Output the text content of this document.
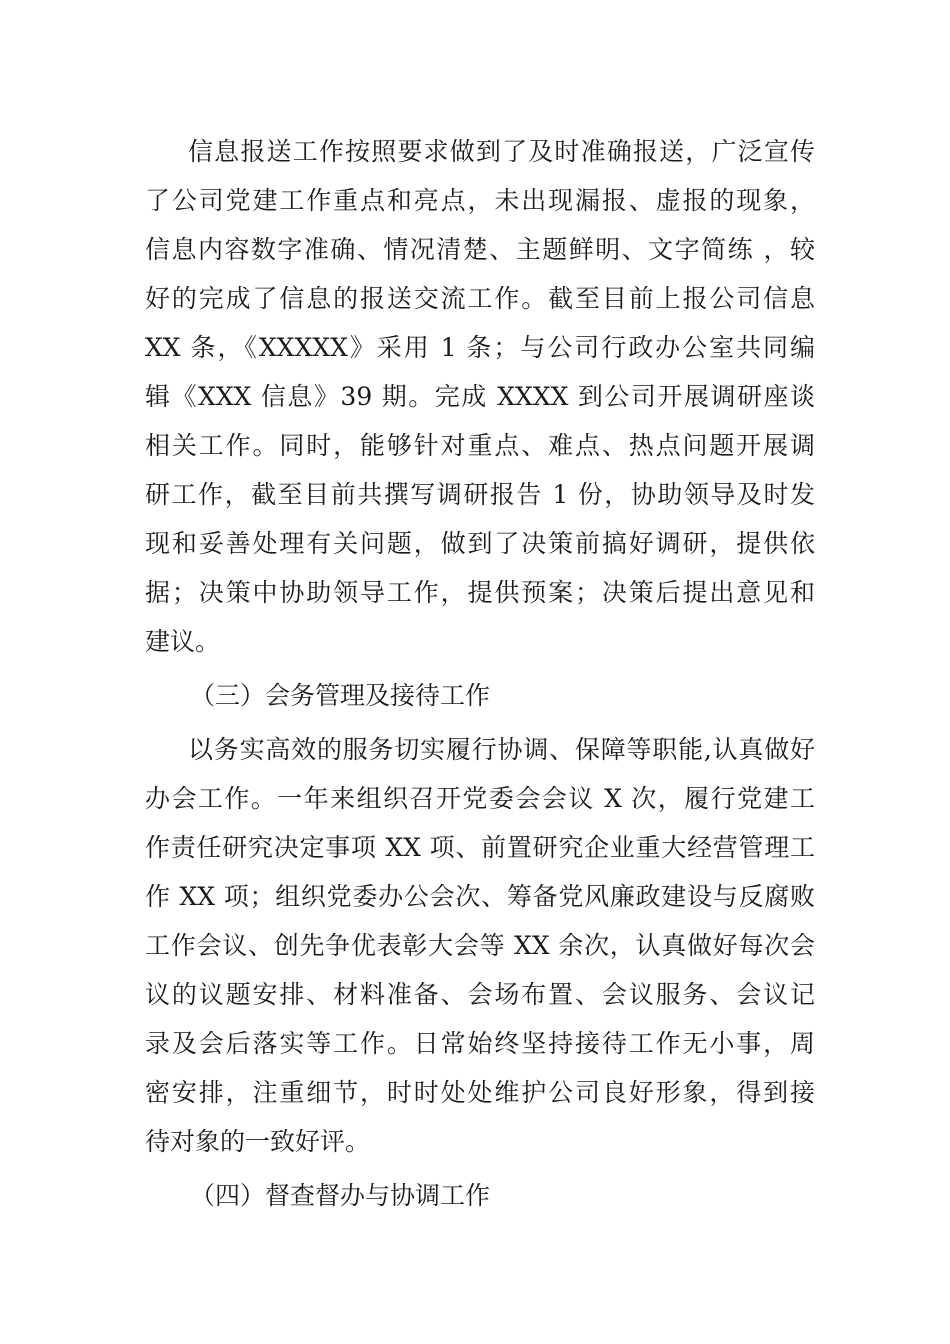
信息报送工作按照要求做到了及时准确报送，广泛宣传
了公司党建工作重点和亮点，未出现漏报、虚报的现象，
信息内容数字准确、情况清楚、主题鲜明、文字简练 ，较
好的完成了信息的报送交流工作。截至目前上报公司信息
XX 条，《XXXXX》采用 1 条；与公司行政办公室共同编
辑《XXX 信息》39 期。完成 XXXX 到公司开展调研座谈
相关工作。同时，能够针对重点、难点、热点问题开展调
研工作，截至目前共撰写调研报告 1 份，协助领导及时发
现和妥善处理有关问题，做到了决策前搞好调研，提供依
据；决策中协助领导工作，提供预案；决策后提出意见和
建议。
（三）会务管理及接待工作
以务实高效的服务切实履行协调、保障等职能,认真做好
办会工作。一年来组织召开党委会会议 X 次，履行党建工
作责任研究决定事项 XX 项、前置研究企业重大经营管理工
作 XX 项；组织党委办公会次、筹备党风廉政建设与反腐败
工作会议、创先争优表彰大会等 XX 余次，认真做好每次会
议的议题安排、材料准备、会场布置、会议服务、会议记
录及会后落实等工作。日常始终坚持接待工作无小事，周
密安排，注重细节，时时处处维护公司良好形象，得到接
待对象的一致好评。
（四）督查督办与协调工作
